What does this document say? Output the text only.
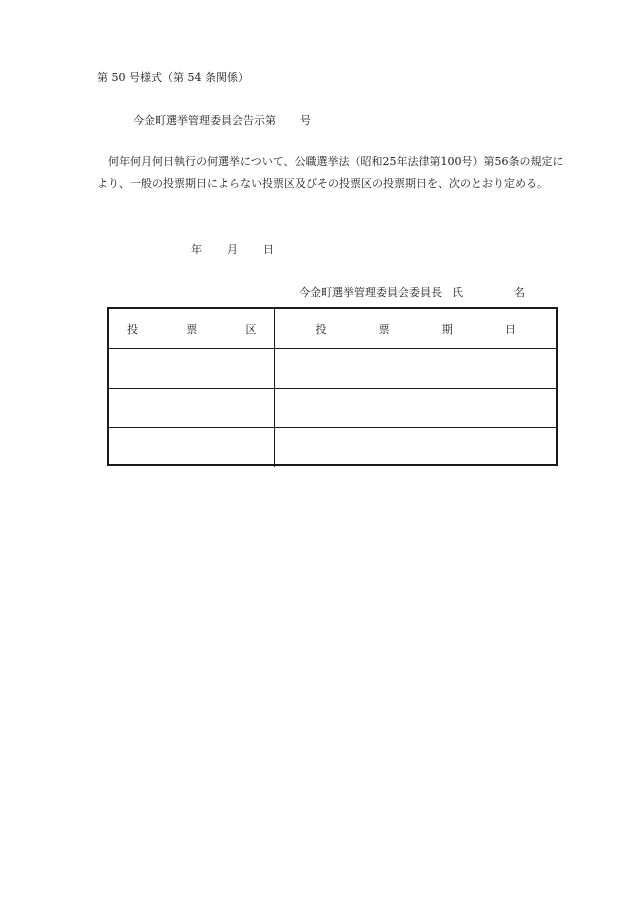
第 50 号様式（第 54 条関係）
今金町選挙管理委員会告示第 号
何年何月何日執行の何選挙について、公職選挙法（昭和25年法律第100号）第56条の規定により、一般の投票期日によらない投票区及びその投票区の投票期日を、次のとおり定める。
年 月 日
今金町選挙管理委員会委員長 氏	名
投 票 区	投 票 期 日
